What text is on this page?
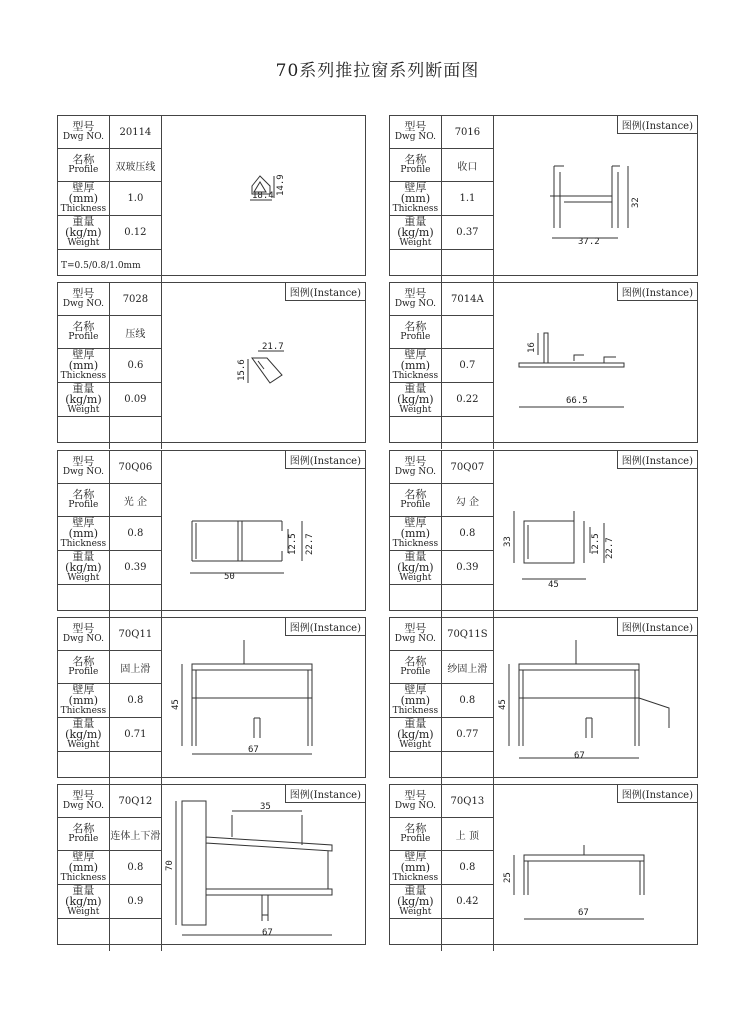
70系列推拉窗系列断面图
型号
Dwg NO.	20114

名称
Profile	双玻压线

壁厚(mm)
Thickness	1.0

重量(kg/m)
Weight	0.12
T=0.5/0.8/1.0mm	
18.4 14.9
型号
Dwg NO.	7016

名称
Profile	收口

壁厚(mm)
Thickness	1.1

重量(kg/m)
Weight	0.37

图例(Instance)
37.2
32
型号
Dwg NO.	7028

名称
Profile	压线

壁厚(mm)
Thickness	0.6

重量(kg/m)
Weight	0.09

图例(Instance)
21.7
15.6
型号
Dwg NO.	7014A

名称
Profile	

壁厚(mm)
Thickness	0.7

重量(kg/m)
Weight	0.22

图例(Instance)
66.5
16
型号
Dwg NO.	70Q06

名称
Profile	光 企

壁厚(mm)
Thickness	0.8

重量(kg/m)
Weight	0.39

图例(Instance)
50
12.5 22.7
型号
Dwg NO.	70Q07

名称
Profile	勾 企

壁厚(mm)
Thickness	0.8

重量(kg/m)
Weight	0.39

图例(Instance)
45
33	12.5 22.7
型号
Dwg NO.	70Q11

名称
Profile	固上滑

壁厚(mm)
Thickness	0.8

重量(kg/m)
Weight	0.71

图例(Instance)
67
45
型号
Dwg NO.	70Q11S

名称
Profile	纱固上滑

壁厚(mm)
Thickness	0.8

重量(kg/m)
Weight	0.77

图例(Instance)
67
45
型号
Dwg NO.	70Q12

名称
Profile	连体上下滑

壁厚(mm)
Thickness	0.8

重量(kg/m)
Weight	0.9

图例(Instance)
35
70
67
型号
Dwg NO.	70Q13

名称
Profile	上 顶

壁厚(mm)
Thickness	0.8

重量(kg/m)
Weight	0.42

图例(Instance)
67
25
